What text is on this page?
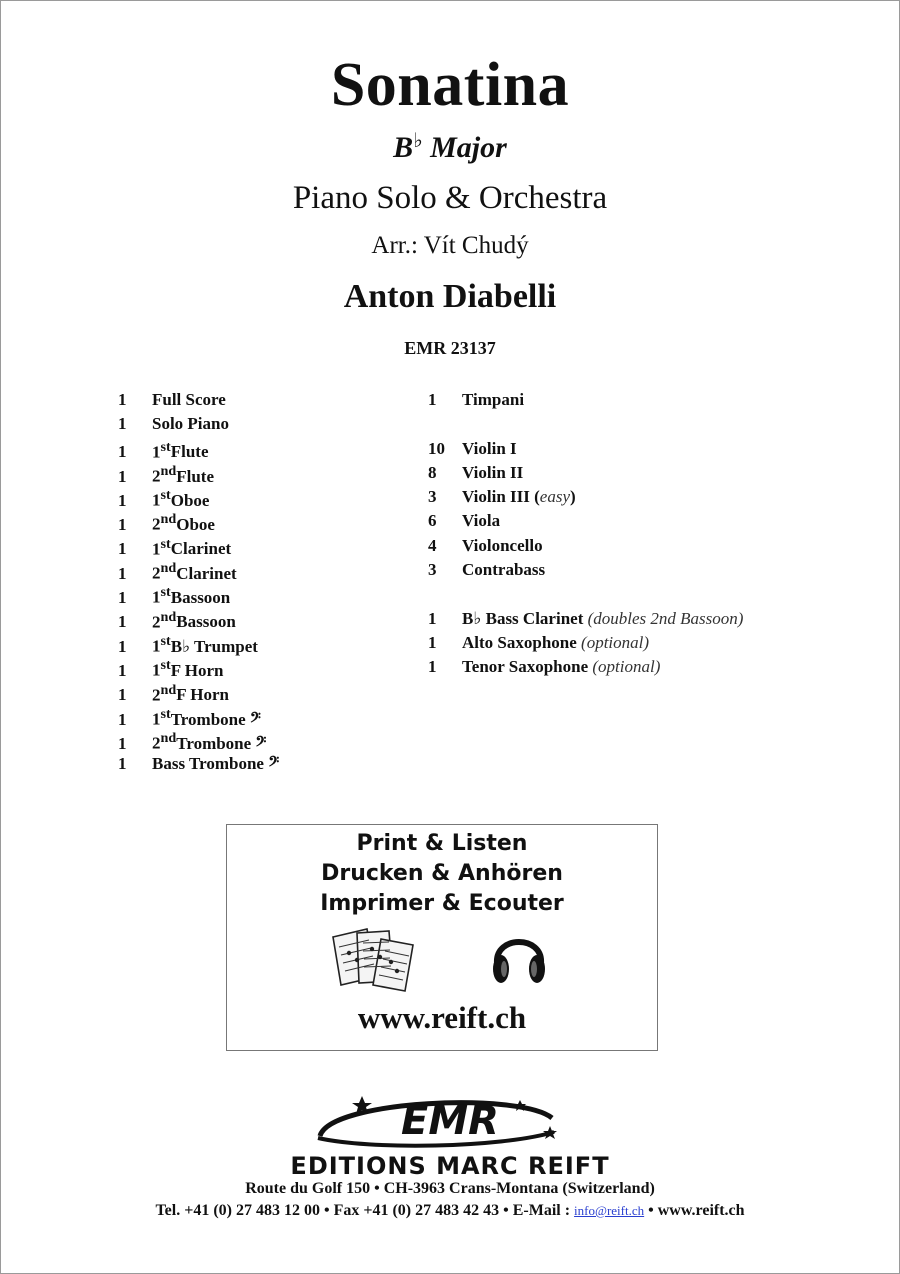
Sonatina
B♭ Major
Piano Solo & Orchestra
Arr.: Vít Chudý
Anton Diabelli
EMR 23137
1	Full Score
1	Solo Piano
1	1st Flute
1	2nd Flute
1	1st Oboe
1	2nd Oboe
1	1st Clarinet
1	2nd Clarinet
1	1st Bassoon
1	2nd Bassoon
1	1st B♭ Trumpet
1	1st F Horn
1	2nd F Horn
1	1st Trombone 𝄢
1	2nd Trombone 𝄢
1	Bass Trombone 𝄢
1	Timpani
10	Violin I
8	Violin II
3	Violin III ( easy )
6	Viola
4	Violoncello
3	Contrabass
1	B♭ Bass Clarinet
(doubles 2nd Bassoon)
1	Alto Saxophone
(optional)
1	Tenor Saxophone
(optional)
Print & Listen
Drucken & Anhören
Imprimer & Ecouter
www.reift.ch
EMR
EDITIONS MARC REIFT
Route du Golf 150 • CH-3963 Crans-Montana (Switzerland)
Tel. +41 (0) 27 483 12 00 • Fax +41 (0) 27 483 42 43 • E-Mail : info@reift.ch • www.reift.ch
